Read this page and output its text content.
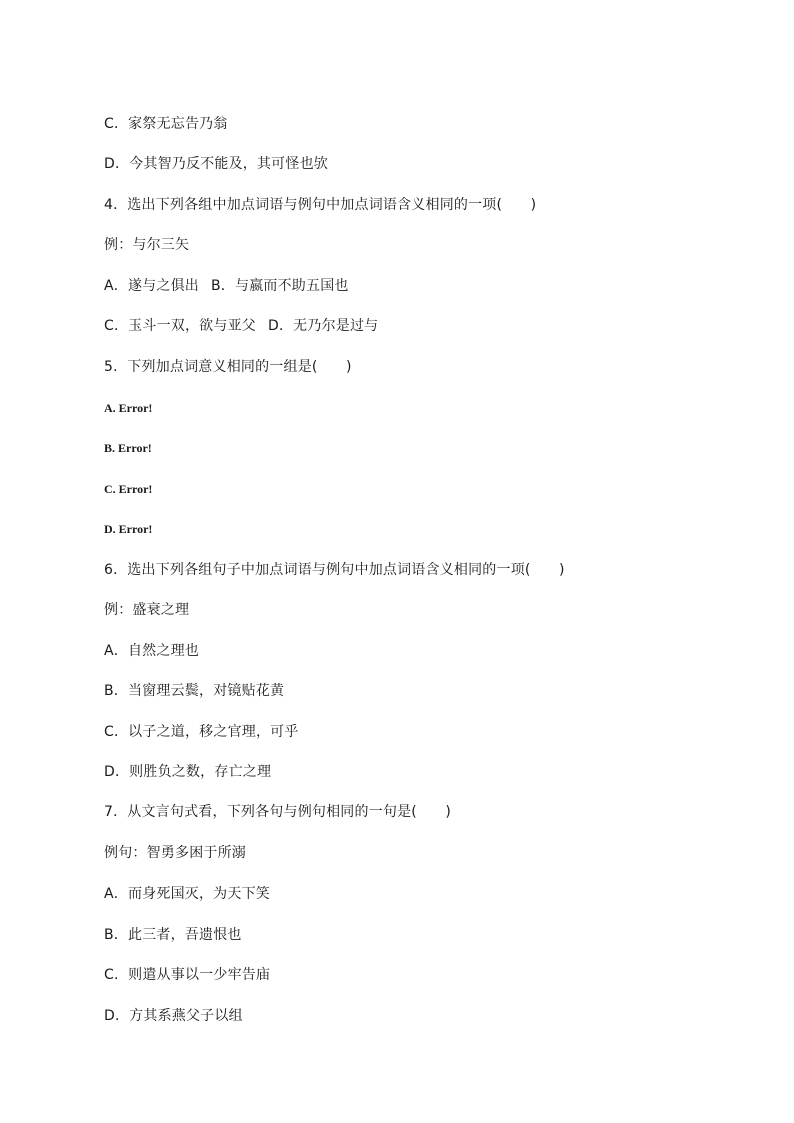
C．家祭无忘告乃翁
D．今其智乃反不能及，其可怪也欤
4．选出下列各组中加点词语与例句中加点词语含义相同的一项(　　)
例：与尔三矢
A．遂与之俱出 B．与嬴而不助五国也
C．玉斗一双，欲与亚父 D．无乃尔是过与
5．下列加点词意义相同的一组是(　　)
A. Error!
B. Error!
C. Error!
D. Error!
6．选出下列各组句子中加点词语与例句中加点词语含义相同的一项(　　)
例：盛衰之理
A．自然之理也
B．当窗理云鬓，对镜贴花黄
C．以子之道，移之官理，可乎
D．则胜负之数，存亡之理
7．从文言句式看，下列各句与例句相同的一句是(　　)
例句：智勇多困于所溺
A．而身死国灭，为天下笑
B．此三者，吾遗恨也
C．则遣从事以一少牢告庙
D．方其系燕父子以组
